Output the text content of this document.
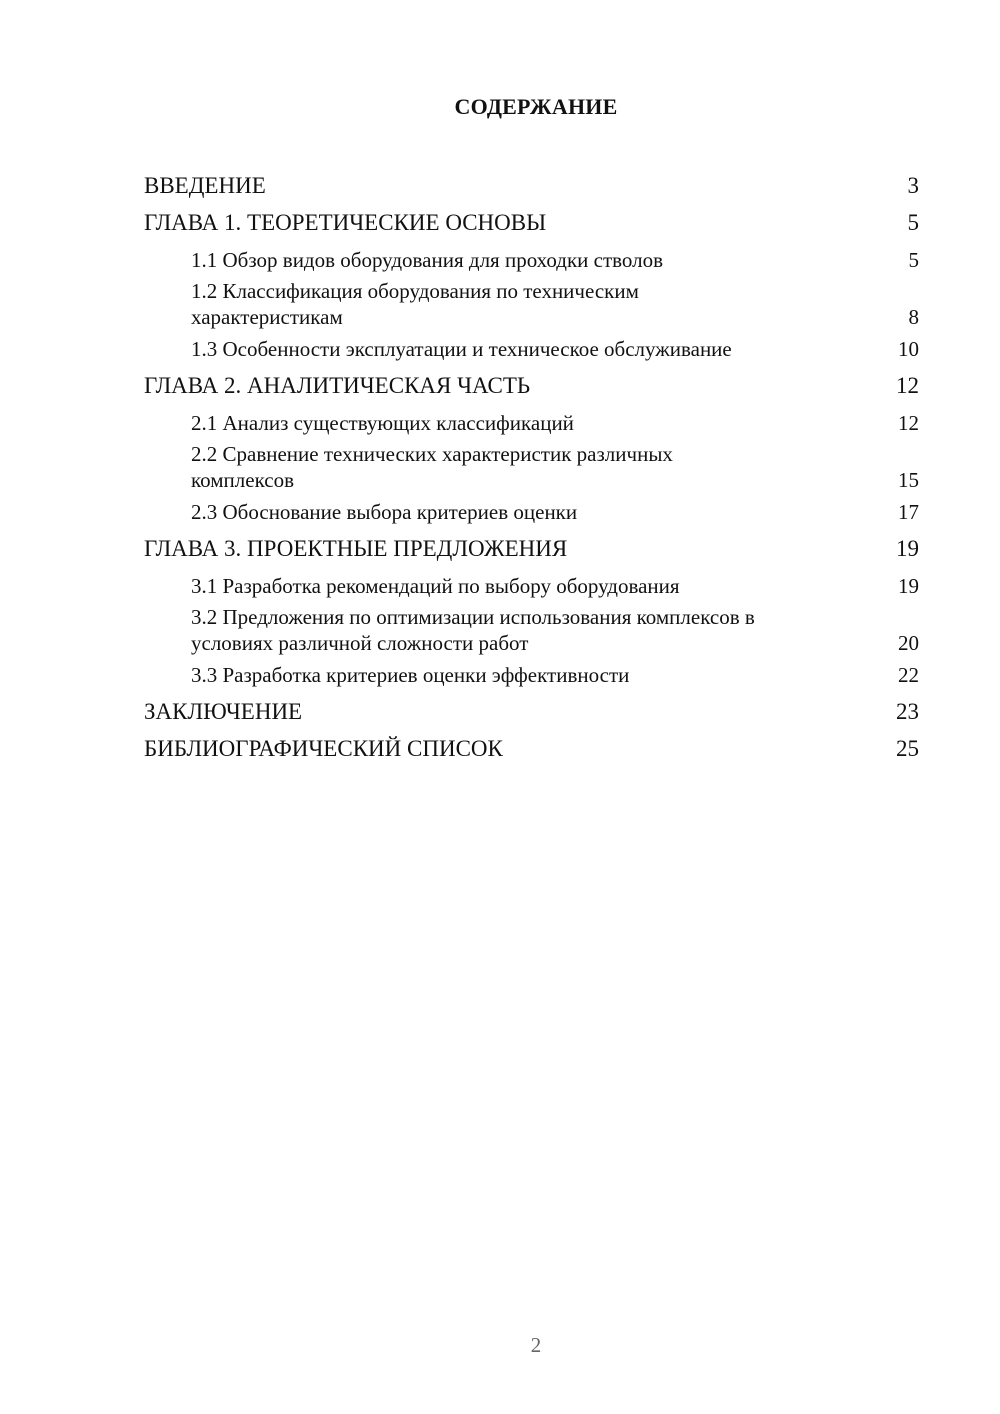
СОДЕРЖАНИЕ
ВВЕДЕНИЕ	3
ГЛАВА 1. ТЕОРЕТИЧЕСКИЕ ОСНОВЫ	5
1.1 Обзор видов оборудования для проходки стволов	5
1.2 Классификация оборудования по техническим характеристикам	8
1.3 Особенности эксплуатации и техническое обслуживание	10
ГЛАВА 2. АНАЛИТИЧЕСКАЯ ЧАСТЬ	12
2.1 Анализ существующих классификаций	12
2.2 Сравнение технических характеристик различных комплексов	15
2.3 Обоснование выбора критериев оценки	17
ГЛАВА 3. ПРОЕКТНЫЕ ПРЕДЛОЖЕНИЯ	19
3.1 Разработка рекомендаций по выбору оборудования	19
3.2 Предложения по оптимизации использования комплексов в условиях различной сложности работ	20
3.3 Разработка критериев оценки эффективности	22
ЗАКЛЮЧЕНИЕ	23
БИБЛИОГРАФИЧЕСКИЙ СПИСОК	25
2
